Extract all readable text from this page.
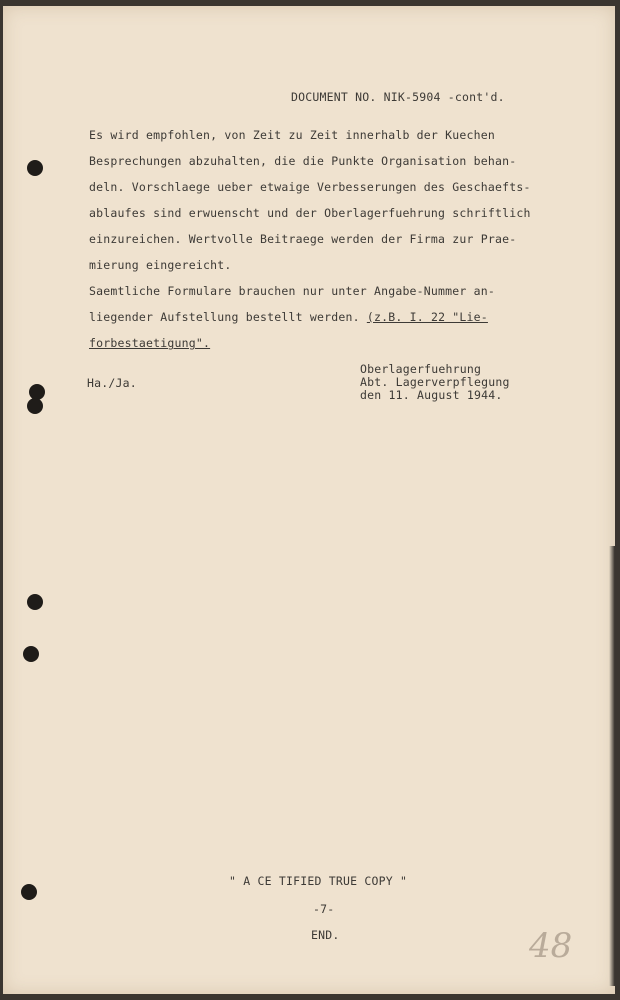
DOCUMENT NO. NIK-5904 -cont'd.
Es wird empfohlen, von Zeit zu Zeit innerhalb der Kuechen
Besprechungen abzuhalten, die die Punkte Organisation behan-
deln. Vorschlaege ueber etwaige Verbesserungen des Geschaefts-
ablaufes sind erwuenscht und der Oberlagerfuehrung schriftlich
einzureichen. Wertvolle Beitraege werden der Firma zur Prae-
mierung eingereicht.
Saemtliche Formulare brauchen nur unter Angabe-Nummer an-
liegender Aufstellung bestellt werden. (z.B. I. 22 "Lie-
forbestaetigung".
Ha./Ja.
Oberlagerfuehrung
Abt. Lagerverpflegung
den 11. August 1944.
" A CE TIFIED TRUE COPY "
-7-
END.	48
